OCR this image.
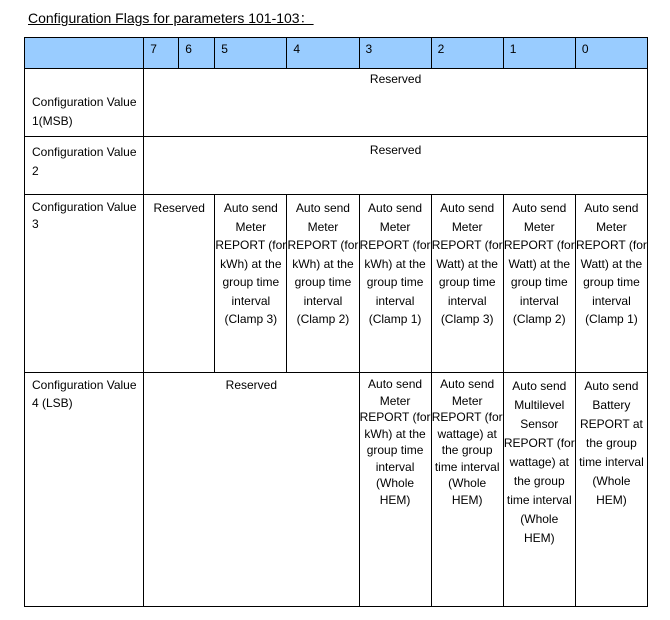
Configuration Flags for parameters 101-103：
	7	6	5	4	3	2	1	0
Configuration Value 1(MSB)	Reserved							
Configuration Value 2	Reserved							
Configuration Value 3	Reserved		Auto send Meter REPORT (for kWh) at the group time interval (Clamp 3)	Auto send Meter REPORT (for kWh) at the group time interval (Clamp 2)	Auto send Meter REPORT (for kWh) at the group time interval (Clamp 1)	Auto send Meter REPORT (for Watt) at the group time interval (Clamp 3)	Auto send Meter REPORT (for Watt) at the group time interval (Clamp 2)	Auto send Meter REPORT (for Watt) at the group time interval (Clamp 1)
Configuration Value 4 (LSB)	Reserved				Auto send Meter REPORT (for kWh) at the group time interval (Whole HEM)	Auto send Meter REPORT (for wattage) at the group time interval (Whole HEM)	Auto send Multilevel Sensor REPORT (for wattage) at the group time interval (Whole HEM)	Auto send Battery REPORT at the group time interval (Whole HEM)
